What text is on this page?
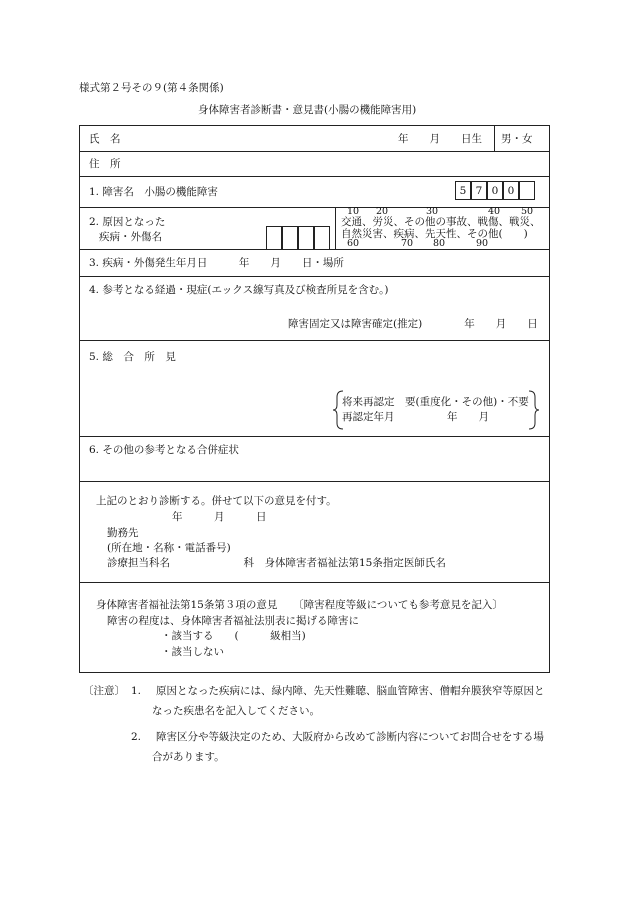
様式第２号その９(第４条関係)
身体障害者診断書・意見書(小腸の機能障害用)
氏　名	年　　月　　日生 男・女
住　所
1. 障害名　小腸の機能障害	5 7 0 0
2. 原因となった
疾病・外傷名
10 20	30	40 50
交通、労災、その他の事故、戦傷、戦災、
自然災害、疾病、先天性、その他(　　)
60	70 80	90
3. 疾病・外傷発生年月日　　　年　　月　　日・場所
4. 参考となる経過・現症(エックス線写真及び検査所見を含む。)
障害固定又は障害確定(推定)　　　　年　　月　　日
5. 総　合　所　見
将来再認定　要(重度化・その他)・不要
再認定年月　　　　　年　　月
6. その他の参考となる合併症状
上記のとおり診断する。併せて以下の意見を付す。
年　　　月　　　日
勤務先
(所在地・名称・電話番号)
診療担当科名　　　　　　　科　身体障害者福祉法第15条指定医師氏名
身体障害者福祉法第15条第３項の意見　　〔障害程度等級についても参考意見を記入〕
障害の程度は、身体障害者福祉法別表に掲げる障害に
・該当する　　(　　　級相当)
・該当しない
〔注意〕 1. 原因となった疾病には、緑内障、先天性難聴、脳血管障害、僧帽弁膜狭窄等原因と
なった疾患名を記入してください。
2. 障害区分や等級決定のため、大阪府から改めて診断内容についてお問合せをする場
合があります。
